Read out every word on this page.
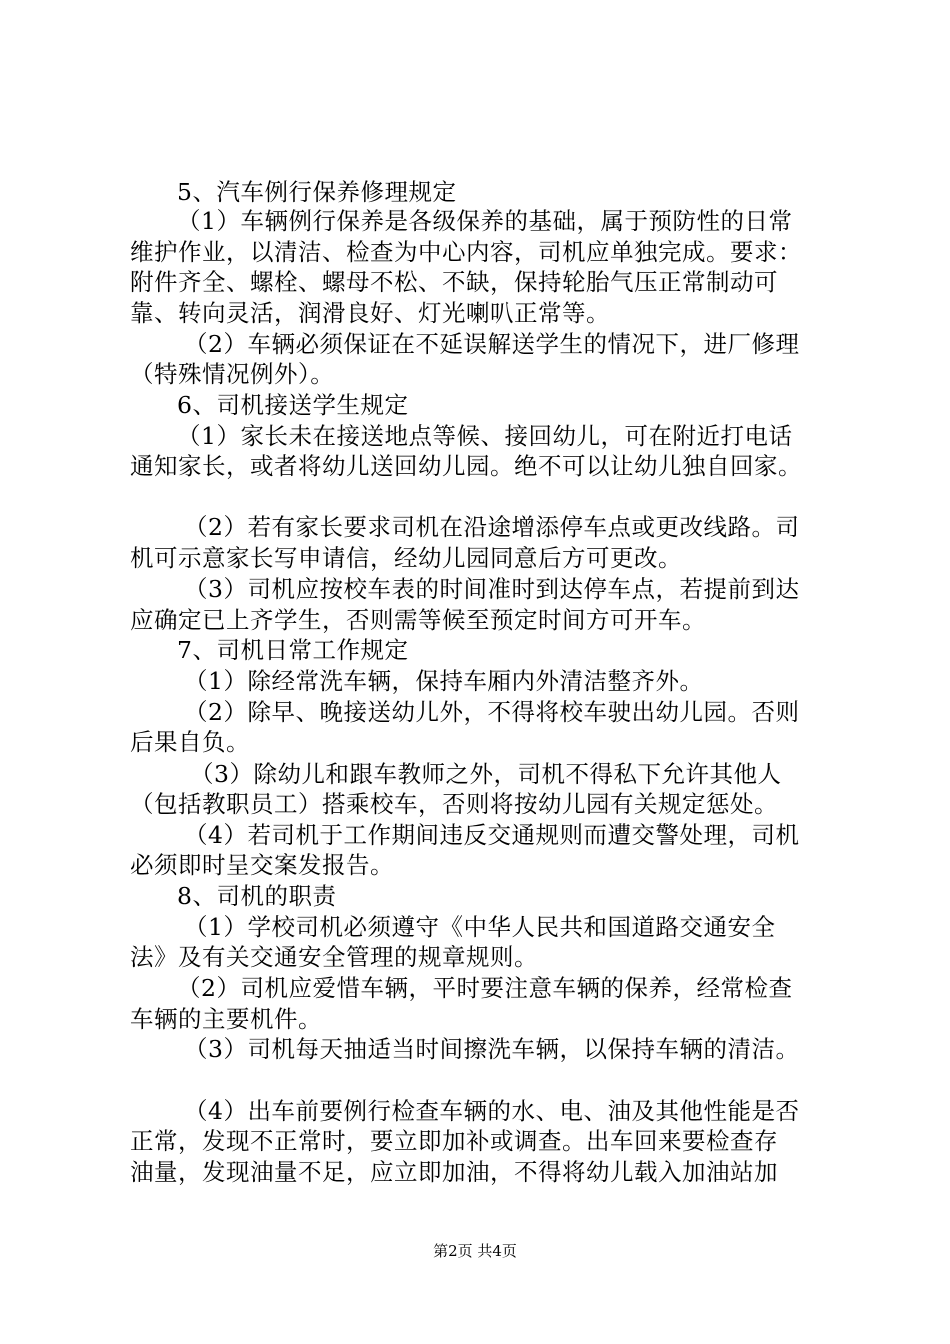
5、汽车例行保养修理规定
（1）车辆例行保养是各级保养的基础，属于预防性的日常
维护作业，以清洁、检查为中心内容，司机应单独完成。要求：
附件齐全、螺栓、螺母不松、不缺，保持轮胎气压正常制动可
靠、转向灵活，润滑良好、灯光喇叭正常等。
（2）车辆必须保证在不延误解送学生的情况下，进厂修理
（特殊情况例外）。
6、司机接送学生规定
（1）家长未在接送地点等候、接回幼儿，可在附近打电话
通知家长，或者将幼儿送回幼儿园。绝不可以让幼儿独自回家。
（2）若有家长要求司机在沿途增添停车点或更改线路。司
机可示意家长写申请信，经幼儿园同意后方可更改。
（3）司机应按校车表的时间准时到达停车点，若提前到达
应确定已上齐学生，否则需等候至预定时间方可开车。
7、司机日常工作规定
（1）除经常洗车辆，保持车厢内外清洁整齐外。
（2）除早、晚接送幼儿外，不得将校车驶出幼儿园。否则
后果自负。
（3）除幼儿和跟车教师之外，司机不得私下允许其他人
（包括教职员工）搭乘校车，否则将按幼儿园有关规定惩处。
（4）若司机于工作期间违反交通规则而遭交警处理，司机
必须即时呈交案发报告。
8、司机的职责
（1）学校司机必须遵守《中华人民共和国道路交通安全
法》及有关交通安全管理的规章规则。
（2）司机应爱惜车辆，平时要注意车辆的保养，经常检查
车辆的主要机件。
（3）司机每天抽适当时间擦洗车辆，以保持车辆的清洁。
（4）出车前要例行检查车辆的水、电、油及其他性能是否
正常，发现不正常时，要立即加补或调查。出车回来要检查存
油量，发现油量不足，应立即加油，不得将幼儿载入加油站加
第2页 共4页
